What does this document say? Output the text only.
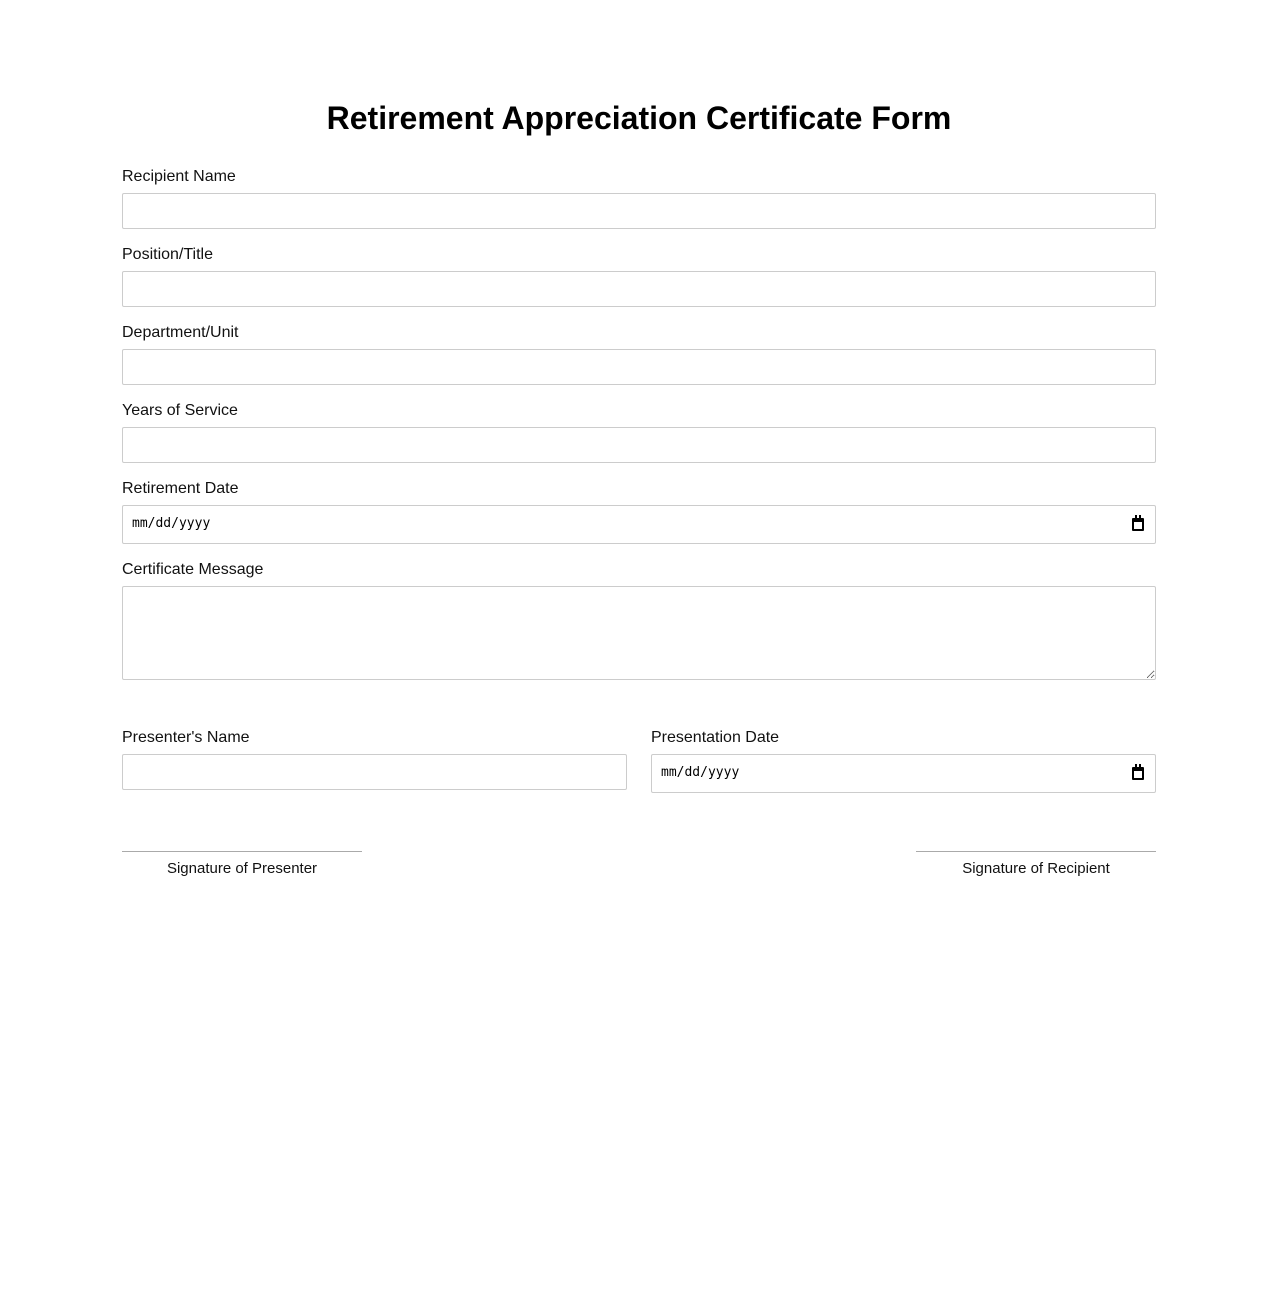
Retirement Appreciation Certificate Form
Recipient Name
Position/Title
Department/Unit
Years of Service
Retirement Date
mm/dd/yyyy
Certificate Message
Presenter's Name	Presentation Date
mm/dd/yyyy
Signature of Presenter	Signature of Recipient
